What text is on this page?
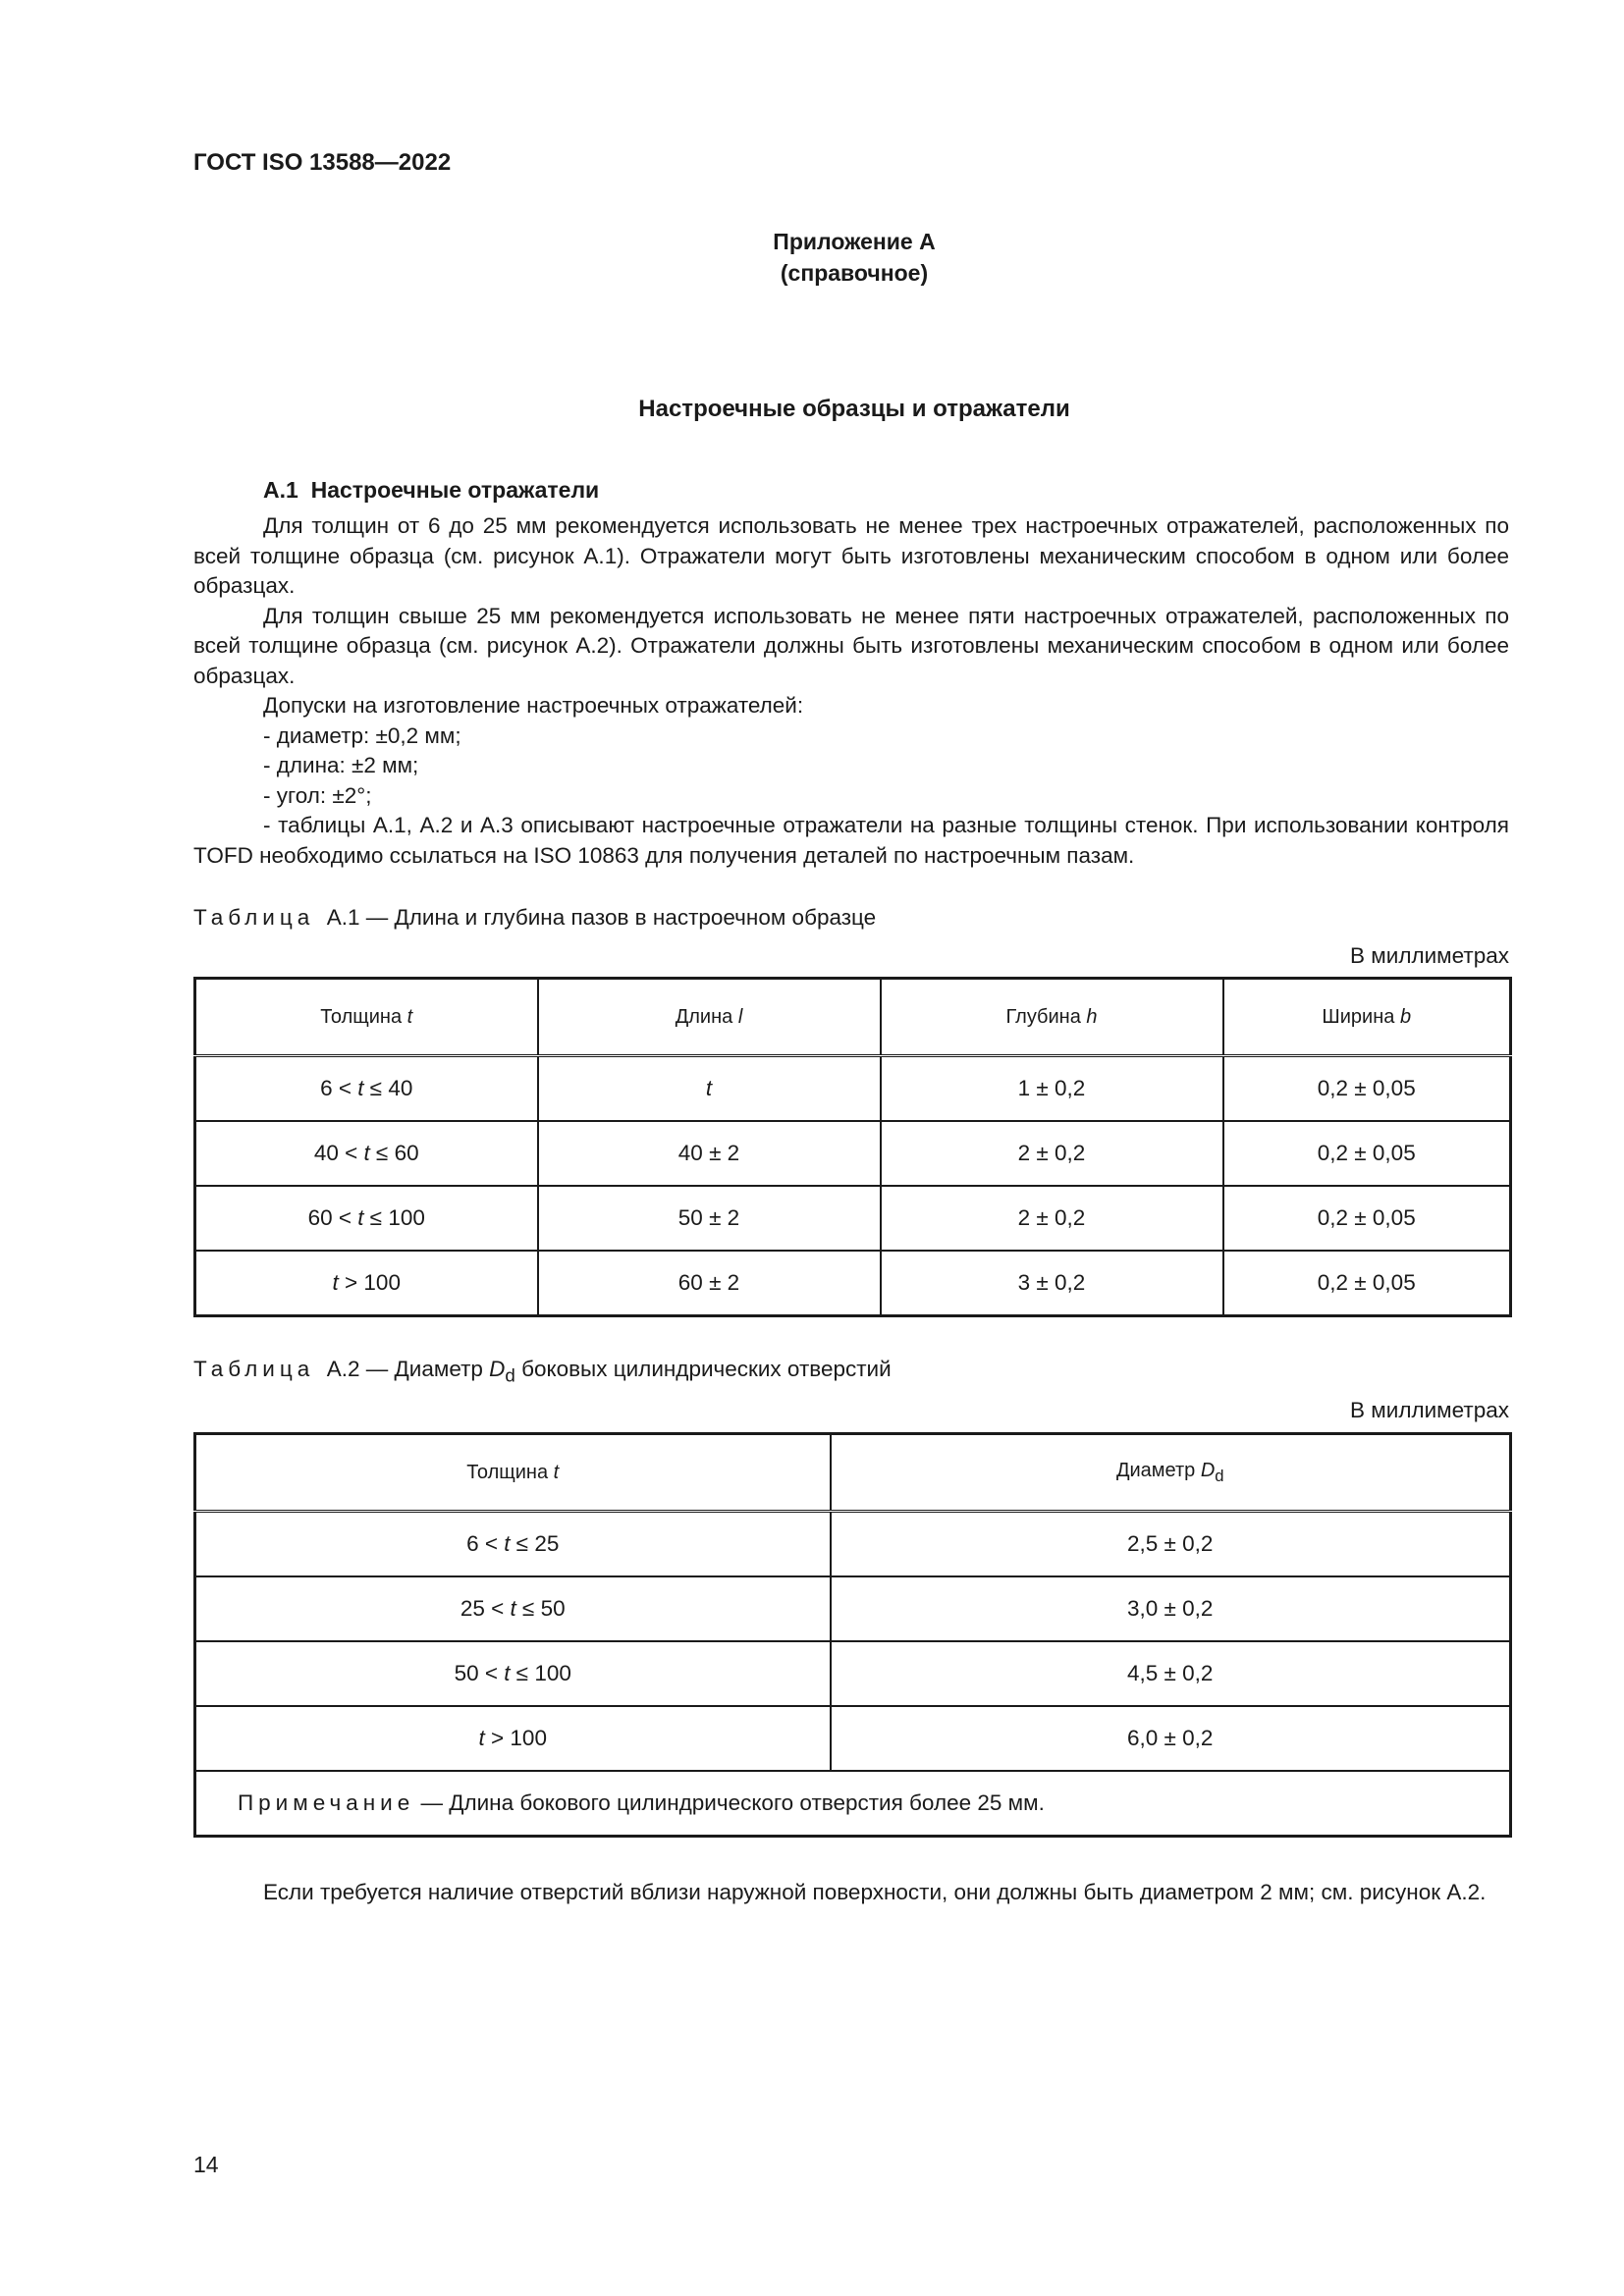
ГОСТ ISO 13588—2022
Приложение А
(справочное)
Настроечные образцы и отражатели
А.1 Настроечные отражатели

Для толщин от 6 до 25 мм рекомендуется использовать не менее трех настроечных отражателей, расположенных по всей толщине образца (см. рисунок А.1). Отражатели могут быть изготовлены механическим способом в одном или более образцах.

Для толщин свыше 25 мм рекомендуется использовать не менее пяти настроечных отражателей, расположенных по всей толщине образца (см. рисунок А.2). Отражатели должны быть изготовлены механическим способом в одном или более образцах.

Допуски на изготовление настроечных отражателей:

- диаметр: ±0,2 мм;

- длина: ±2 мм;

- угол: ±2°;

- таблицы А.1, А.2 и А.3 описывают настроечные отражатели на разные толщины стенок. При использовании контроля TOFD необходимо ссылаться на ISO 10863 для получения деталей по настроечным пазам.

Таблица А.1 — Длина и глубина пазов в настроечном образце
В миллиметрах
Толщина t	Длина l	Глубина h	Ширина b
6 < t ≤ 40	t	1 ± 0,2	0,2 ± 0,05
40 < t ≤ 60	40 ± 2	2 ± 0,2	0,2 ± 0,05
60 < t ≤ 100	50 ± 2	2 ± 0,2	0,2 ± 0,05
t > 100	60 ± 2	3 ± 0,2	0,2 ± 0,05
Таблица А.2 — Диаметр $D_d$ боковых цилиндрических отверстий
В миллиметрах
Толщина t	Диаметр $D_d$
6 < t ≤ 25	2,5 ± 0,2
25 < t ≤ 50	3,0 ± 0,2
50 < t ≤ 100	4,5 ± 0,2
t > 100	6,0 ± 0,2
Примечание — Длина бокового цилиндрического отверстия более 25 мм.	
Если требуется наличие отверстий вблизи наружной поверхности, они должны быть диаметром 2 мм; см. рисунок А.2.
14
